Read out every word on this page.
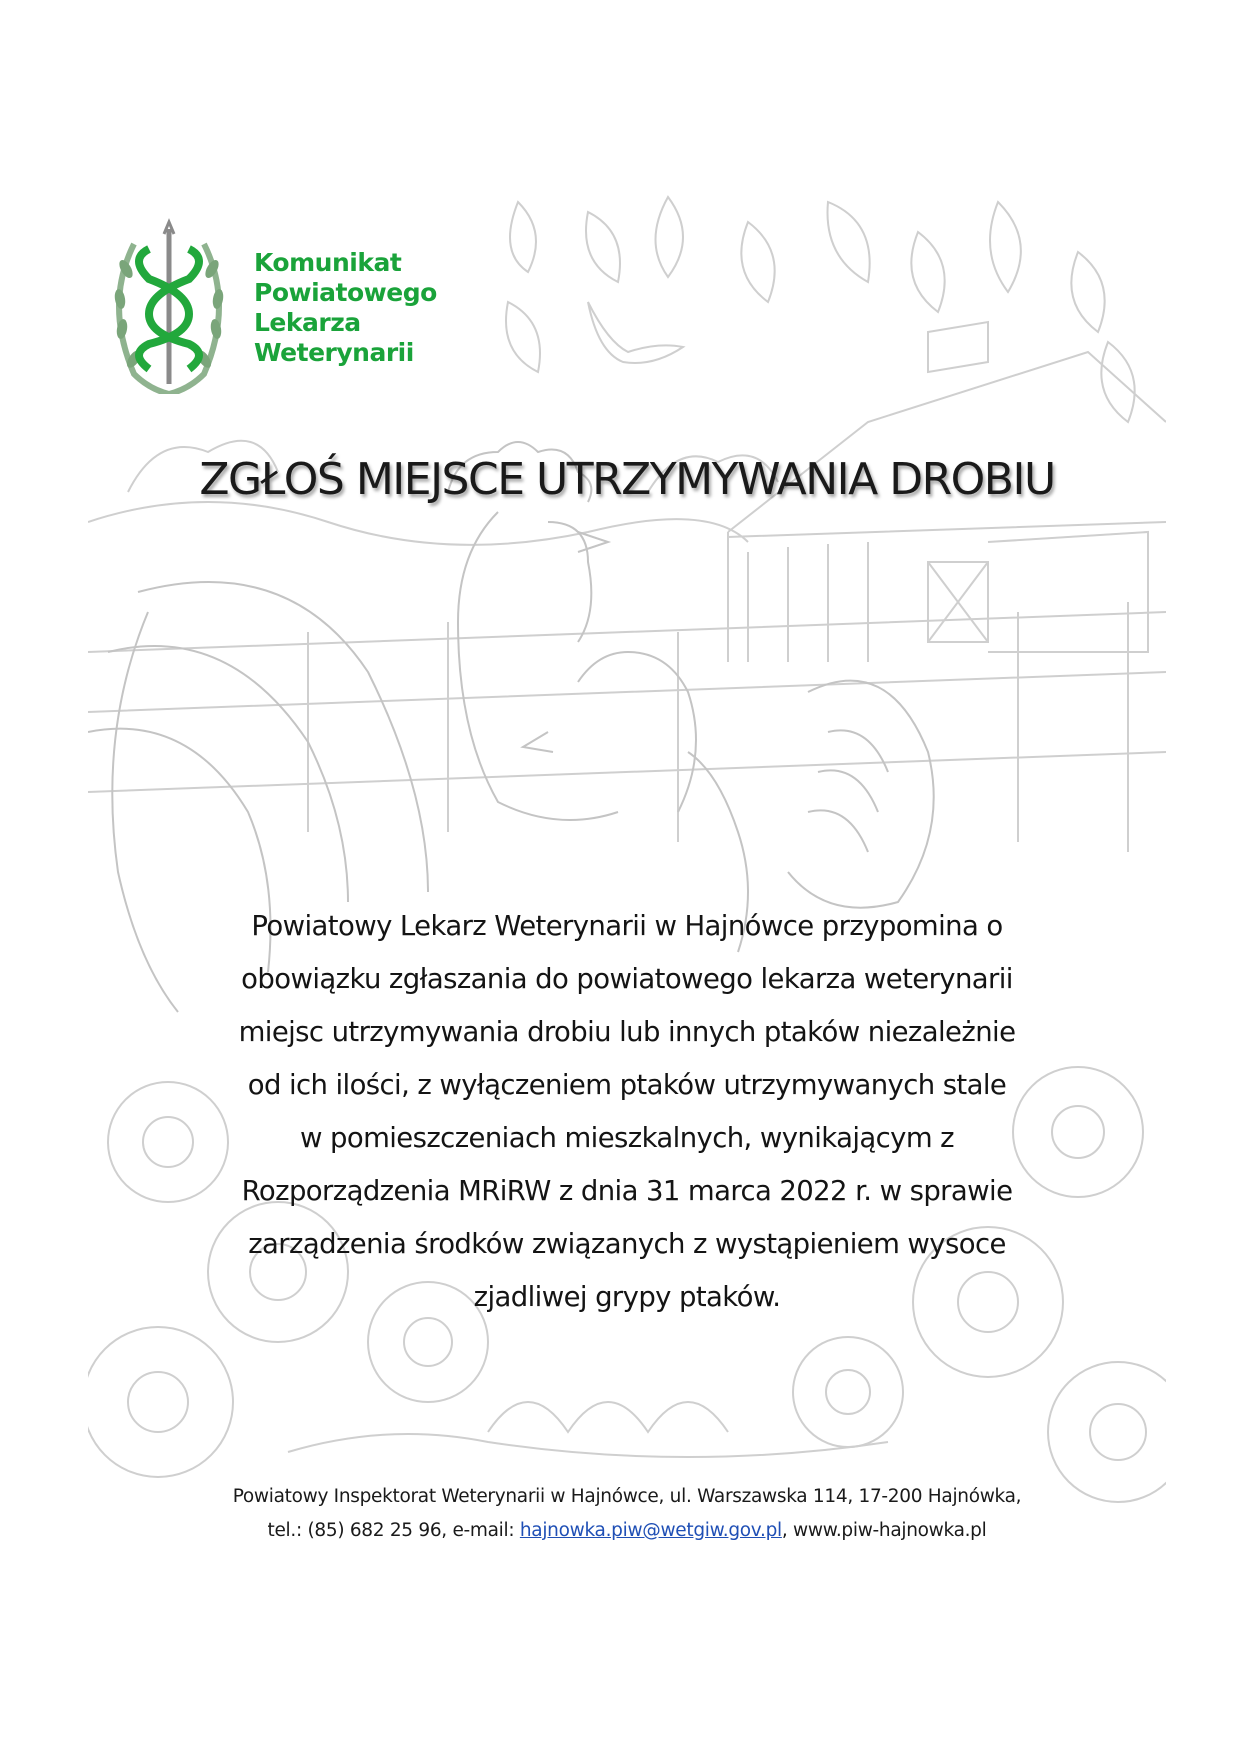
Komunikat
Powiatowego
Lekarza
Weterynarii

ZGŁOŚ MIEJSCE UTRZYMYWANIA DROBIU
Powiatowy Lekarz Weterynarii w Hajnówce przypomina o
obowiązku zgłaszania do powiatowego lekarza weterynarii
miejsc utrzymywania drobiu lub innych ptaków niezależnie
od ich ilości, z wyłączeniem ptaków utrzymywanych stale
w pomieszczeniach mieszkalnych, wynikającym z
Rozporządzenia MRiRW z dnia 31 marca 2022 r. w sprawie
zarządzenia środków związanych z wystąpieniem wysoce
zjadliwej grypy ptaków.
Powiatowy Inspektorat Weterynarii w Hajnówce, ul. Warszawska 114, 17-200 Hajnówka,
tel.: (85) 682 25 96, e-mail: hajnowka.piw@wetgiw.gov.pl, www.piw-hajnowka.pl
